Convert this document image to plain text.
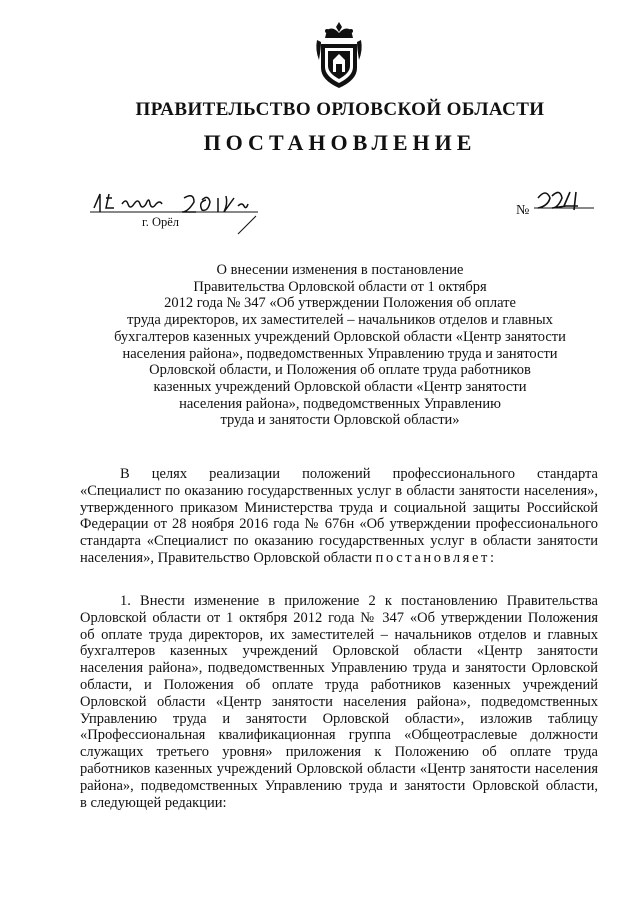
ПРАВИТЕЛЬСТВО ОРЛОВСКОЙ ОБЛАСТИ
ПОСТАНОВЛЕНИЕ
г. Орёл
№
О внесении изменения в постановление
Правительства Орловской области от 1 октября
2012 года № 347 «Об утверждении Положения об оплате
труда директоров, их заместителей – начальников отделов и главных
бухгалтеров казенных учреждений Орловской области «Центр занятости
населения района», подведомственных Управлению труда и занятости
Орловской области, и Положения об оплате труда работников
казенных учреждений Орловской области «Центр занятости
населения района», подведомственных Управлению
труда и занятости Орловской области»
В целях реализации положений профессионального стандарта
«Специалист по оказанию государственных услуг в области занятости населения»,
утвержденного приказом Министерства труда и социальной защиты Российской
Федерации от 28 ноября 2016 года № 676н «Об утверждении профессионального
стандарта «Специалист по оказанию государственных услуг в области занятости
населения», Правительство Орловской области постановляет:
1. Внести изменение в приложение 2 к постановлению Правительства
Орловской области от 1 октября 2012 года № 347 «Об утверждении Положения
об оплате труда директоров, их заместителей – начальников отделов и главных
бухгалтеров казенных учреждений Орловской области «Центр занятости
населения района», подведомственных Управлению труда и занятости Орловской
области, и Положения об оплате труда работников казенных учреждений
Орловской области «Центр занятости населения района», подведомственных
Управлению труда и занятости Орловской области», изложив таблицу
«Профессиональная квалификационная группа «Общеотраслевые должности
служащих третьего уровня» приложения к Положению об оплате труда
работников казенных учреждений Орловской области «Центр занятости населения
района», подведомственных Управлению труда и занятости Орловской области,
в следующей редакции:
